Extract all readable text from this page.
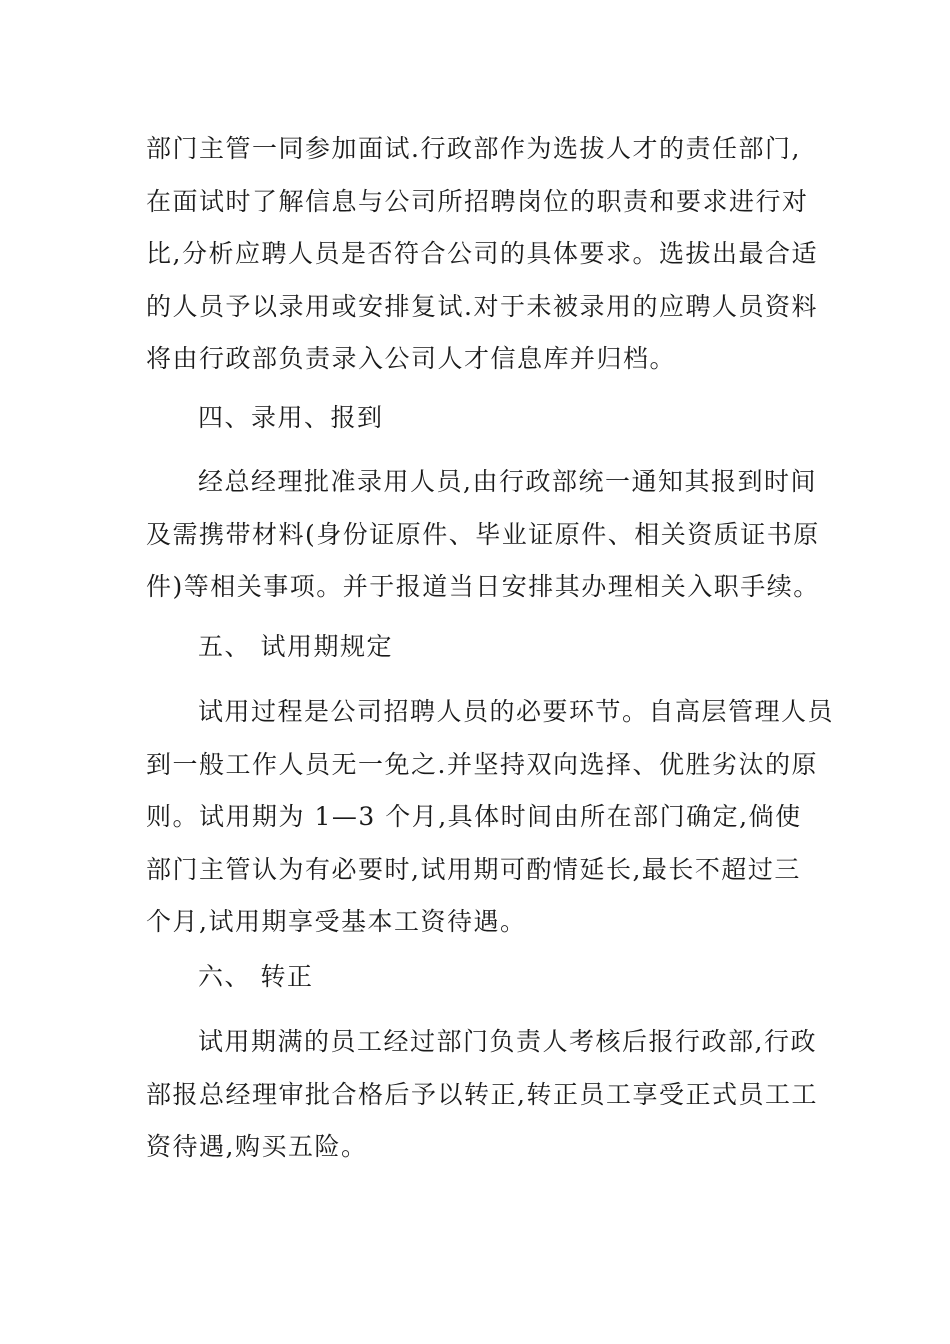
部门主管一同参加面试.行政部作为选拔人才的责任部门,
在面试时了解信息与公司所招聘岗位的职责和要求进行对
比,分析应聘人员是否符合公司的具体要求。选拔出最合适
的人员予以录用或安排复试.对于未被录用的应聘人员资料
将由行政部负责录入公司人才信息库并归档。
四、录用、报到
经总经理批准录用人员,由行政部统一通知其报到时间
及需携带材料(身份证原件、毕业证原件、相关资质证书原
件)等相关事项。并于报道当日安排其办理相关入职手续。
五、 试用期规定
试用过程是公司招聘人员的必要环节。自高层管理人员
到一般工作人员无一免之.并坚持双向选择、优胜劣汰的原
则。试用期为 1—3 个月,具体时间由所在部门确定,倘使
部门主管认为有必要时,试用期可酌情延长,最长不超过三
个月,试用期享受基本工资待遇。
六、 转正
试用期满的员工经过部门负责人考核后报行政部,行政
部报总经理审批合格后予以转正,转正员工享受正式员工工
资待遇,购买五险。
